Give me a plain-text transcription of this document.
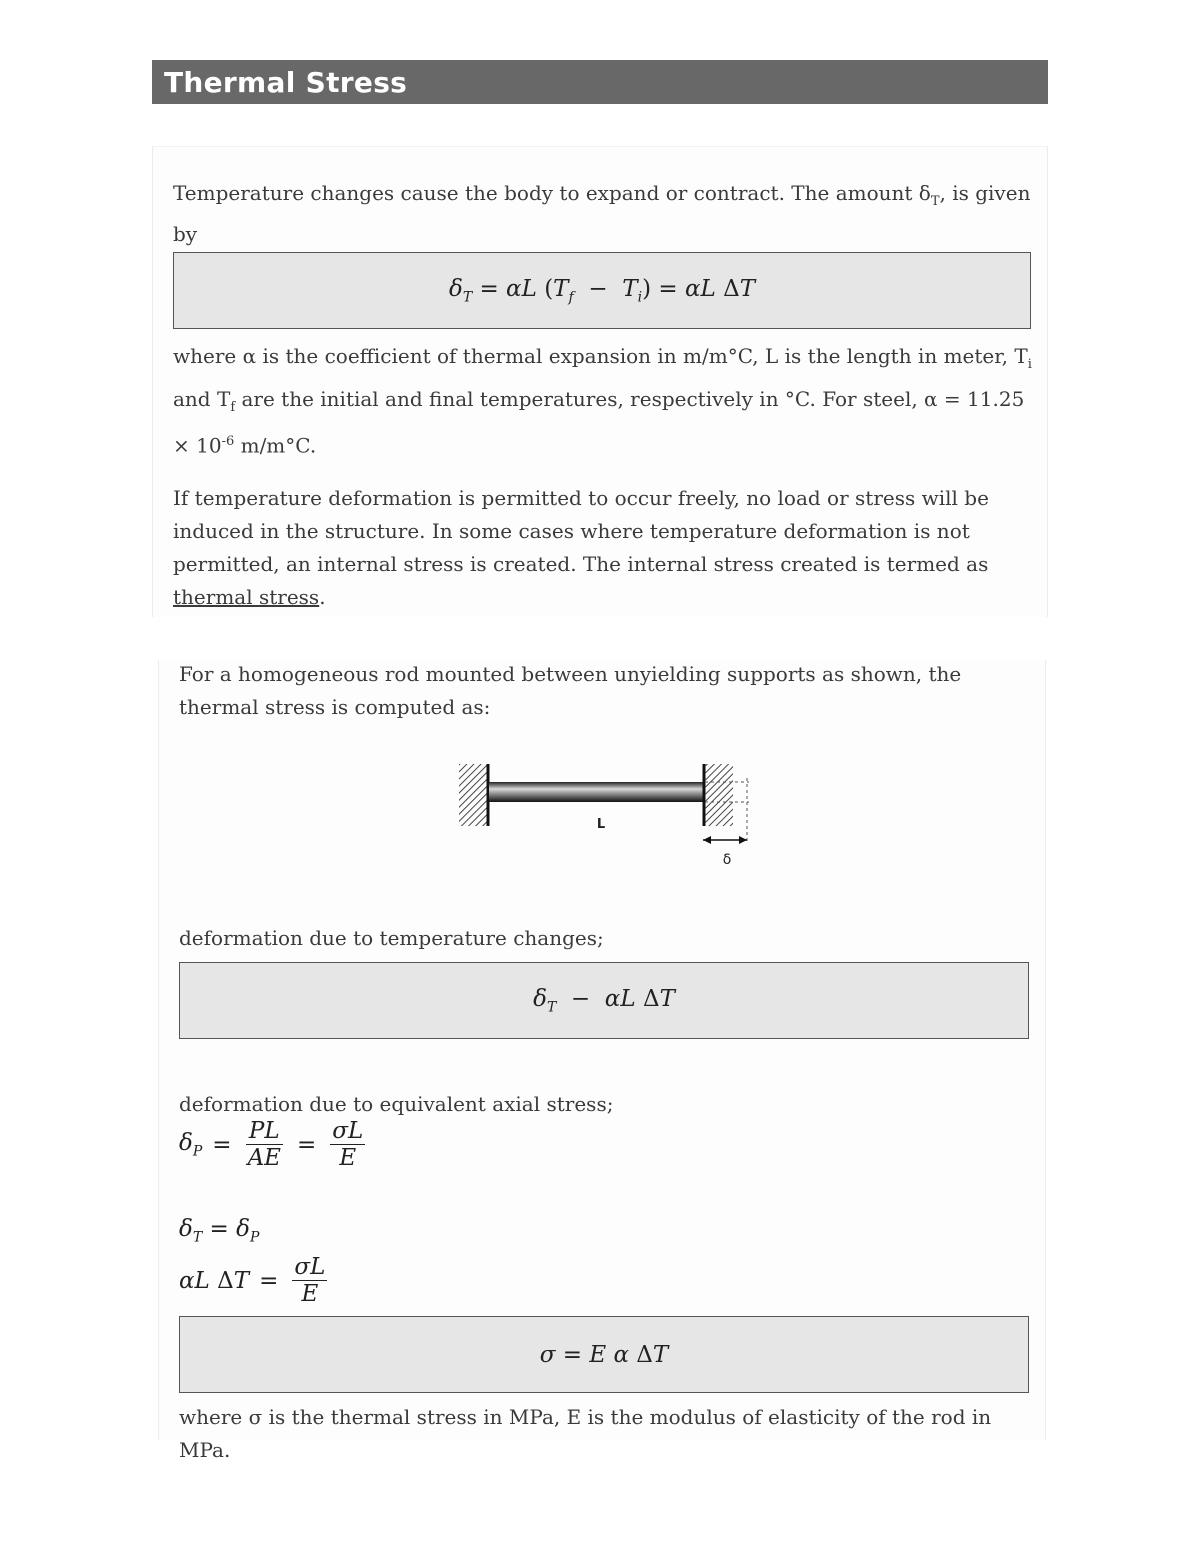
Thermal Stress

Temperature changes cause the body to expand or contract. The amount $\delta_T$, is given by

$\delta_T = \alpha L$ $(T_f - T_i) = \alpha L$ ΔT

where α is the coefficient of thermal expansion in m/m°C, L is the length in meter, $T_i$
and $T_f$ are the initial and final temperatures, respectively in °C. For steel, $\alpha = 11.25 \times 10^{-6}$ m/m°C.

If temperature deformation is permitted to occur freely, no load or stress will be induced in the structure. In some cases where temperature deformation is not permitted, an internal stress is created. The internal stress created is termed as thermal stress.

For a homogeneous rod mounted between unyielding supports as shown, the thermal stress is computed as:

L
δ

deformation due to temperature changes;

$\delta_T - \alpha L$ ΔT

deformation due to equivalent axial stress;

$\delta_P = \frac{PL}{AE} = \frac{\sigma L}{E}$
$\delta_T = \delta_P$
αL $\Delta T = \frac{\sigma L}{E}$
σ = E α ΔT

where σ is the thermal stress in MPa, E is the modulus of elasticity of the rod in MPa.
